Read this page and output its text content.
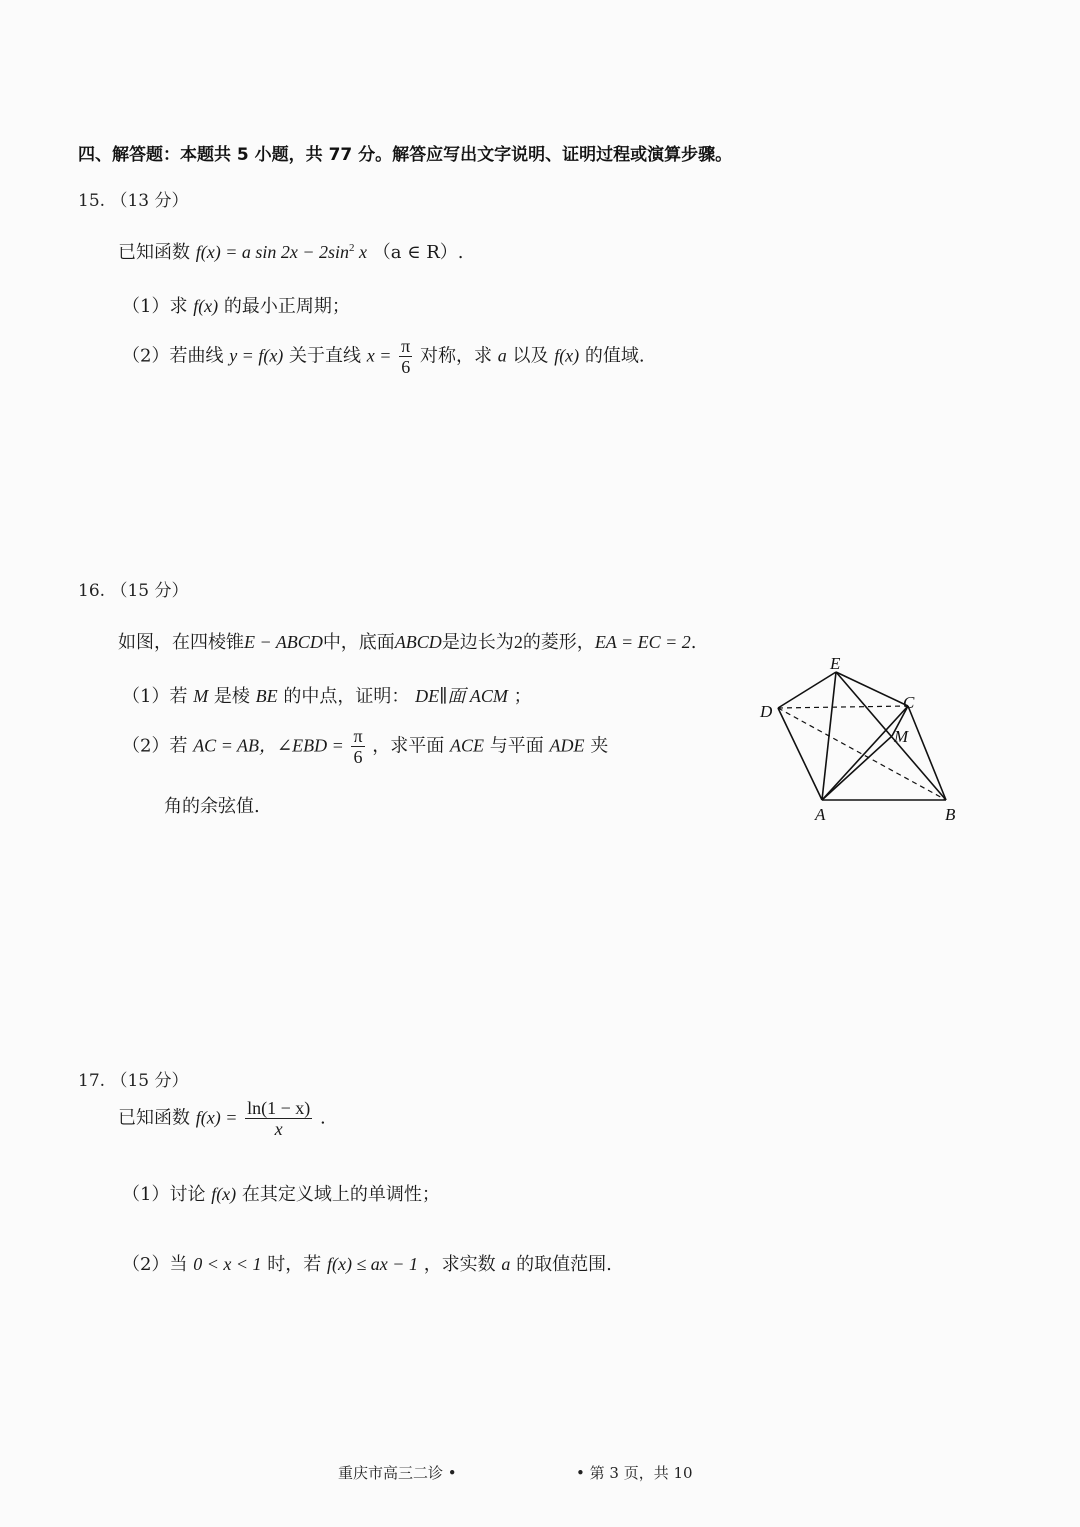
四、解答题：本题共 5 小题，共 77 分。解答应写出文字说明、证明过程或演算步骤。
15. （13 分）
已知函数 f(x) = a $\sin 2x - 2\sin^2$ x （a ∈ R）.
（1）求 f(x) 的最小正周期；
（2）若曲线 y = f(x) 关于直线 $x = \frac{\pi}{6}$ 对称，求 a 以及 f(x) 的值域.
16. （15 分）
如图，在四棱锥E − ABCD中，底面ABCD是边长为2的菱形，EA = EC = 2.
（1）若 M 是棱 BE 的中点，证明： DE∥面 ACM ；
（2）若 AC = AB，∠EBD = $\frac{\pi}{6}$ ，求平面 ACE 与平面 ADE 夹
角的余弦值.
E
D	C
M
A	B
17. （15 分）
已知函数 $f(x) = \frac{\ln(1 - x)}{x}$ .
（1）讨论 f(x) 在其定义域上的单调性；
（2）当 0 < x < 1 时，若 f(x) ≤ ax − 1 ，求实数 a 的取值范围.
重庆市高三二诊 •	• 第 3 页，共 10
